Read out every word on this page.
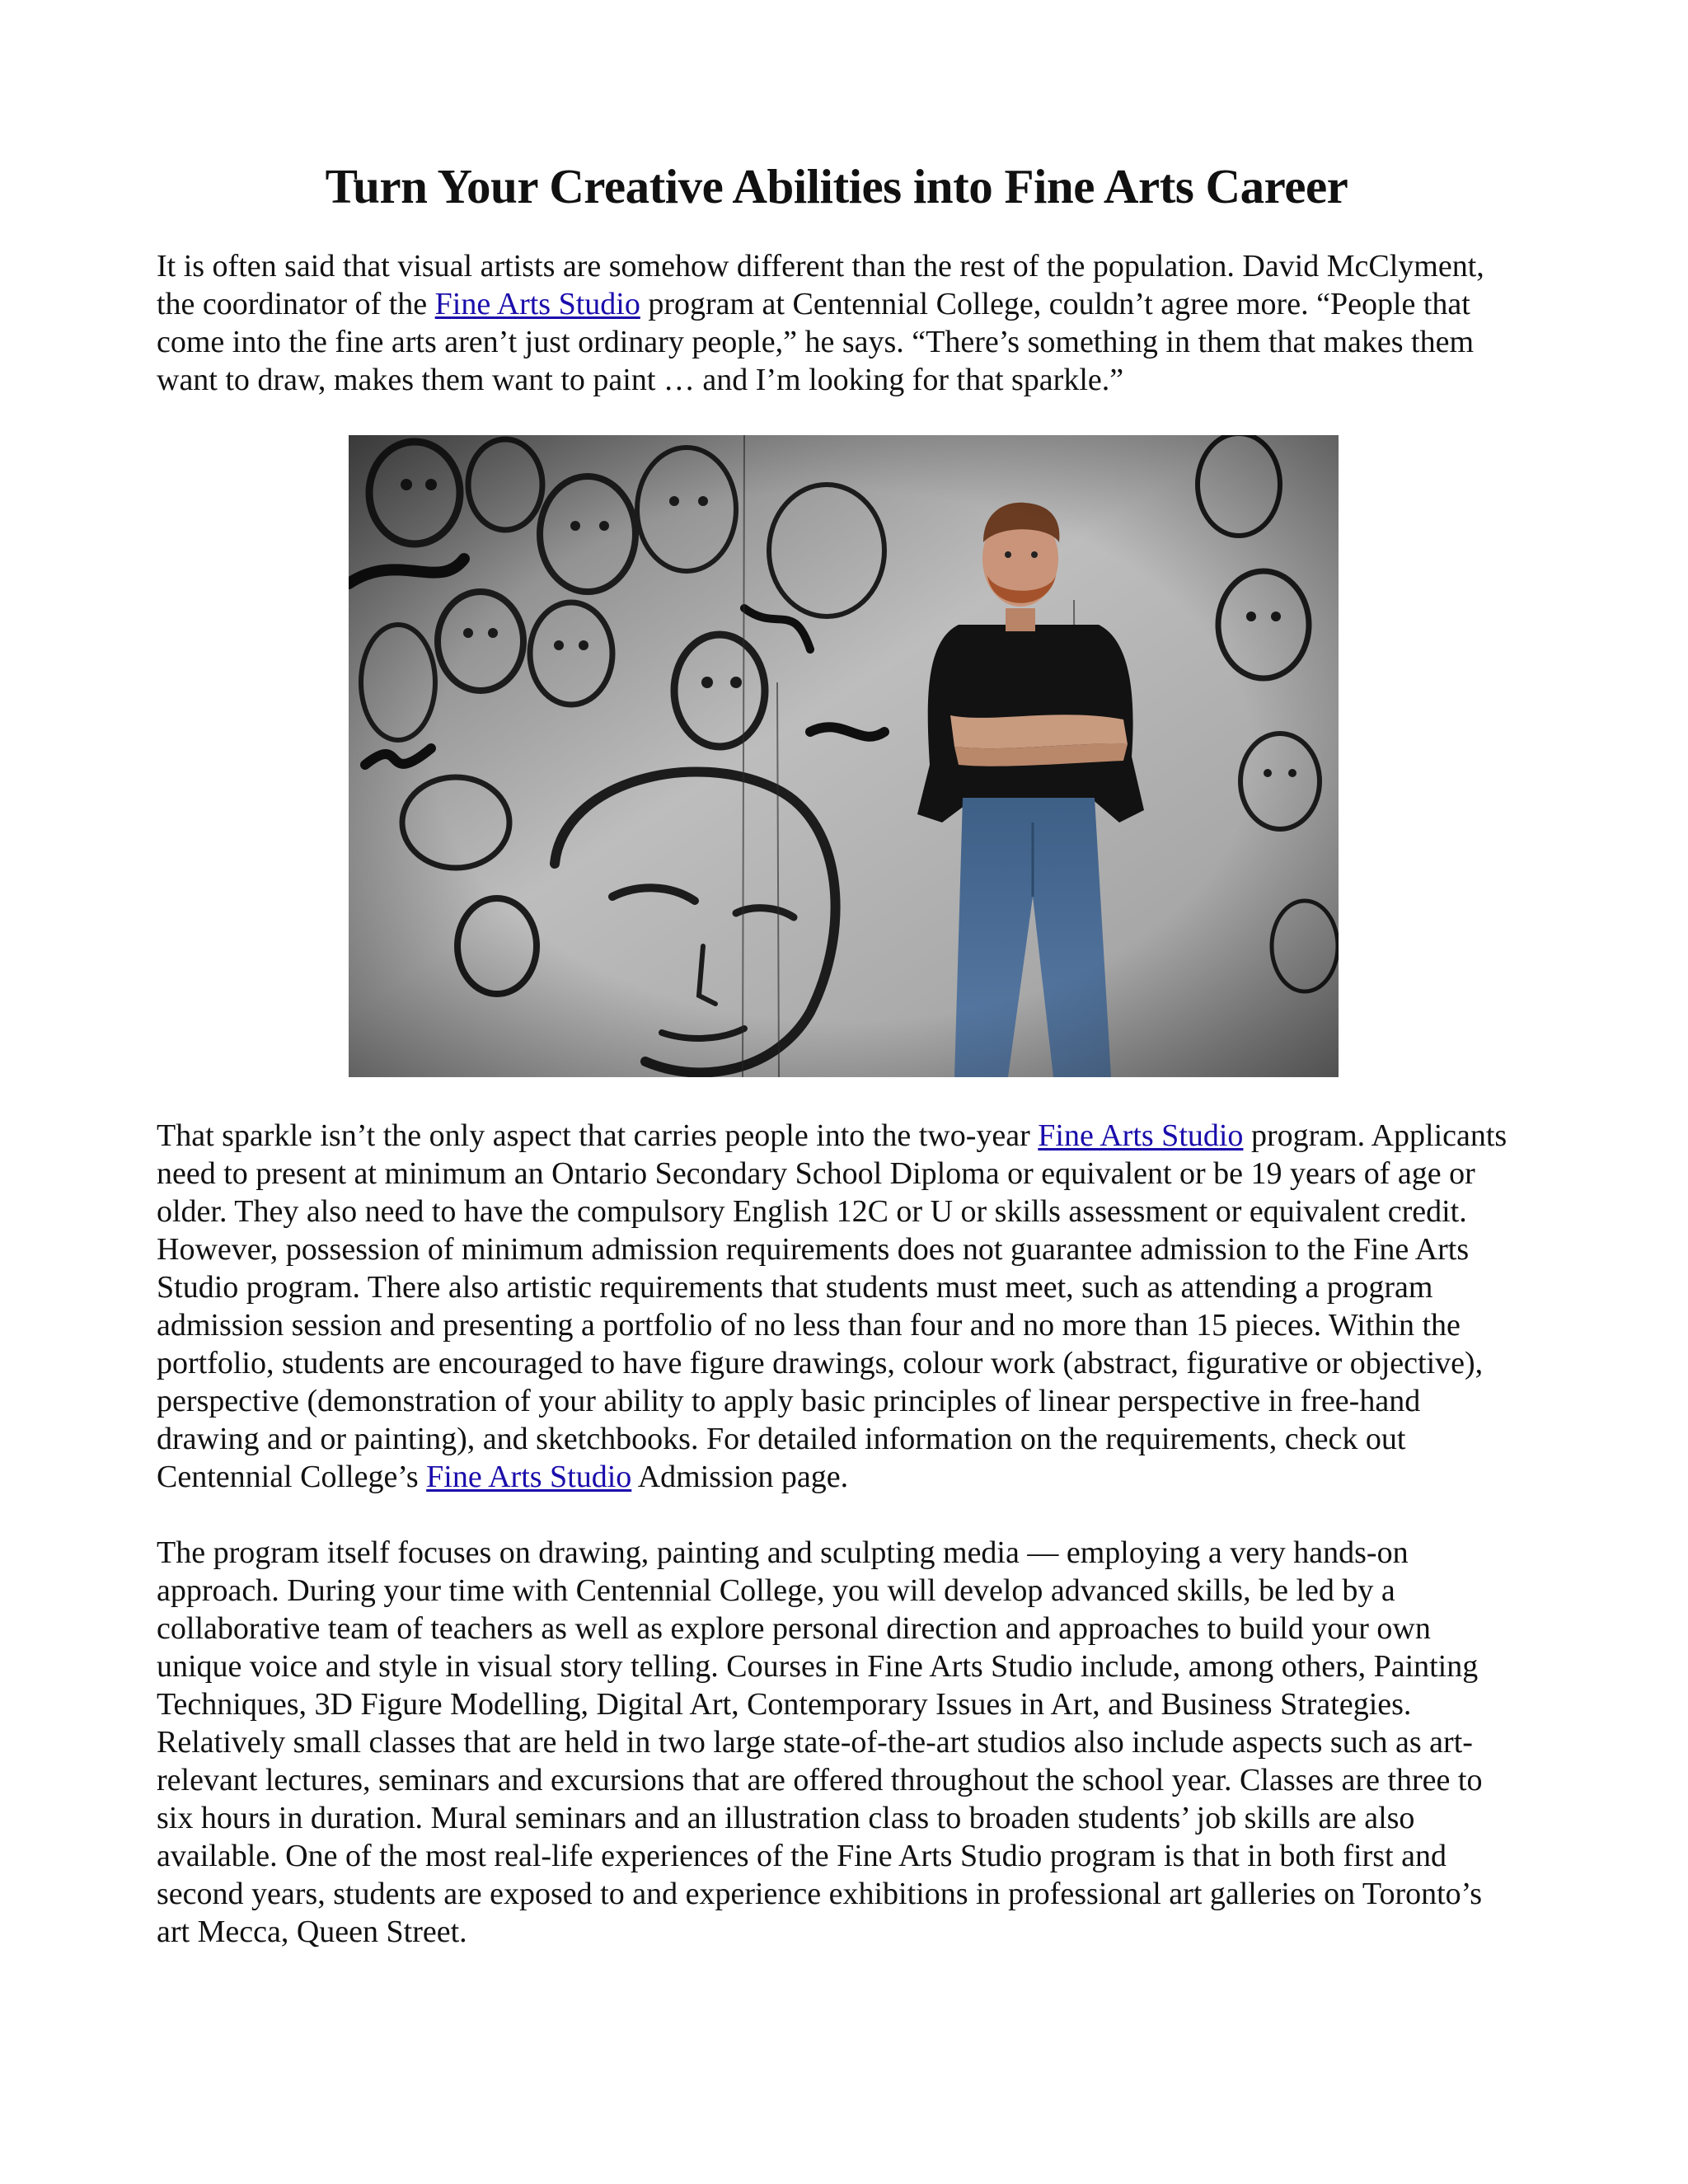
Turn Your Creative Abilities into Fine Arts Career

It is often said that visual artists are somehow different than the rest of the population. David McClyment, the coordinator of the Fine Arts Studio program at Centennial College, couldn’t agree more. “People that come into the fine arts aren’t just ordinary people,” he says. “There’s something in them that makes them want to draw, makes them want to paint … and I’m looking for that sparkle.”

That sparkle isn’t the only aspect that carries people into the two-year Fine Arts Studio program. Applicants need to present at minimum an Ontario Secondary School Diploma or equivalent or be 19 years of age or older. They also need to have the compulsory English 12C or U or skills assessment or equivalent credit. However, possession of minimum admission requirements does not guarantee admission to the Fine Arts Studio program. There also artistic requirements that students must meet, such as attending a program admission session and presenting a portfolio of no less than four and no more than 15 pieces. Within the portfolio, students are encouraged to have figure drawings, colour work (abstract, figurative or objective), perspective (demonstration of your ability to apply basic principles of linear perspective in free-hand drawing and or painting), and sketchbooks. For detailed information on the requirements, check out Centennial College’s Fine Arts Studio Admission page.

The program itself focuses on drawing, painting and sculpting media — employing a very hands-on approach. During your time with Centennial College, you will develop advanced skills, be led by a collaborative team of teachers as well as explore personal direction and approaches to build your own unique voice and style in visual story telling. Courses in Fine Arts Studio include, among others, Painting Techniques, 3D Figure Modelling, Digital Art, Contemporary Issues in Art, and Business Strategies. Relatively small classes that are held in two large state-of-the-art studios also include aspects such as art-relevant lectures, seminars and excursions that are offered throughout the school year. Classes are three to six hours in duration. Mural seminars and an illustration class to broaden students’ job skills are also available. One of the most real-life experiences of the Fine Arts Studio program is that in both first and second years, students are exposed to and experience exhibitions in professional art galleries on Toronto’s art Mecca, Queen Street.
